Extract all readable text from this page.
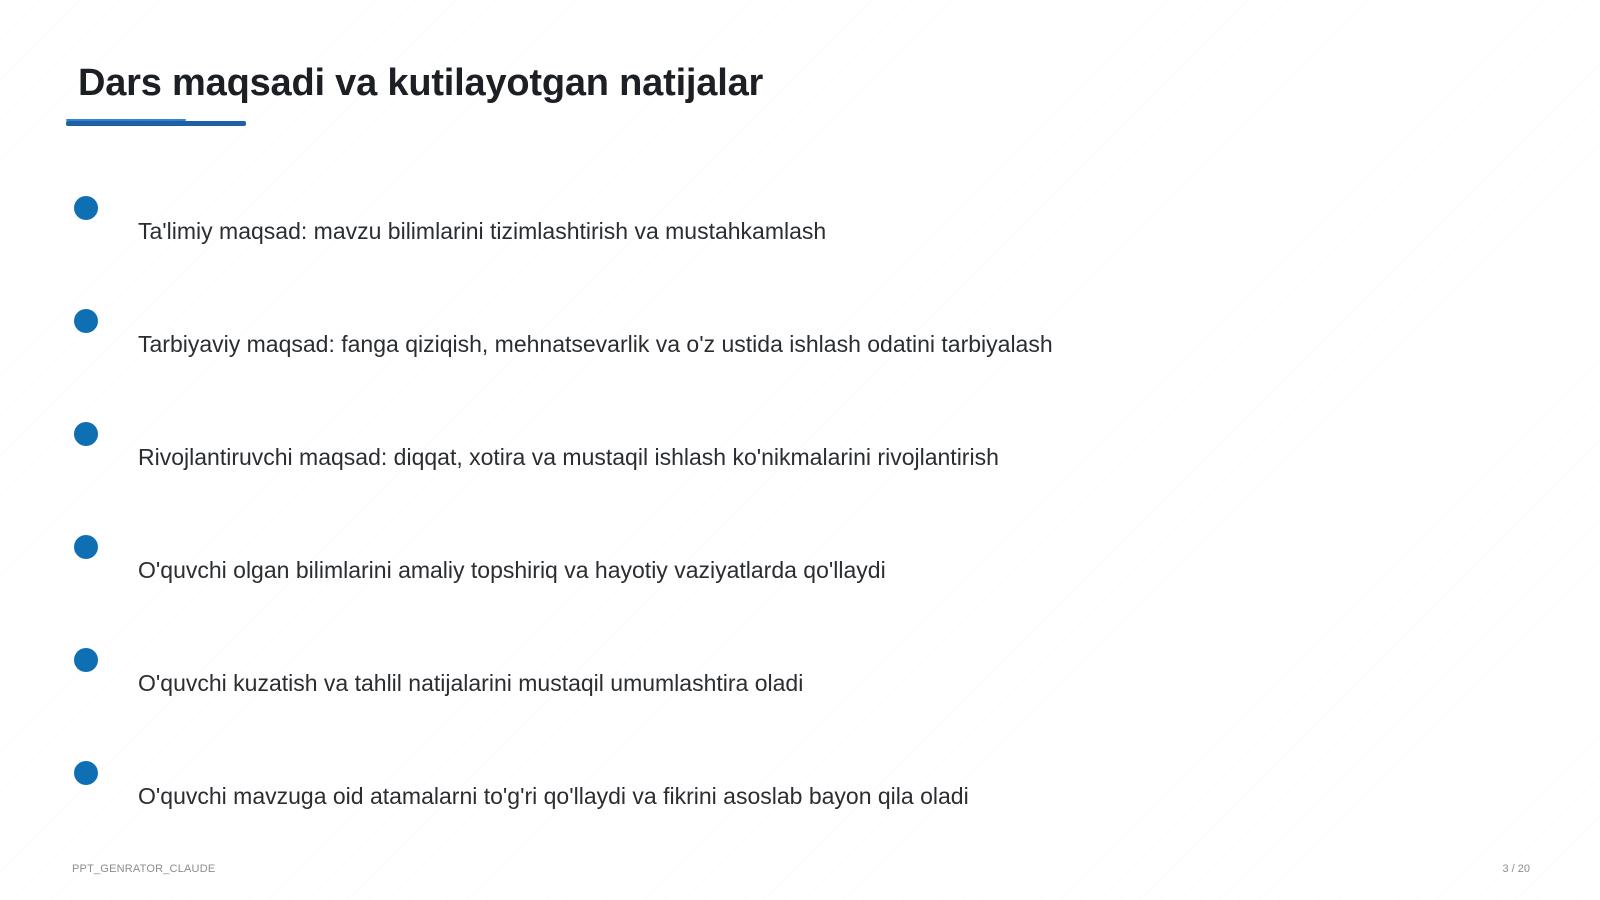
Dars maqsadi va kutilayotgan natijalar
Ta'limiy maqsad: mavzu bilimlarini tizimlashtirish va mustahkamlash
Tarbiyaviy maqsad: fanga qiziqish, mehnatsevarlik va o'z ustida ishlash odatini tarbiyalash
Rivojlantiruvchi maqsad: diqqat, xotira va mustaqil ishlash ko'nikmalarini rivojlantirish
O'quvchi olgan bilimlarini amaliy topshiriq va hayotiy vaziyatlarda qo'llaydi
O'quvchi kuzatish va tahlil natijalarini mustaqil umumlashtira oladi
O'quvchi mavzuga oid atamalarni to'g'ri qo'llaydi va fikrini asoslab bayon qila oladi
PPT_GENRATOR_CLAUDE	3 / 20
